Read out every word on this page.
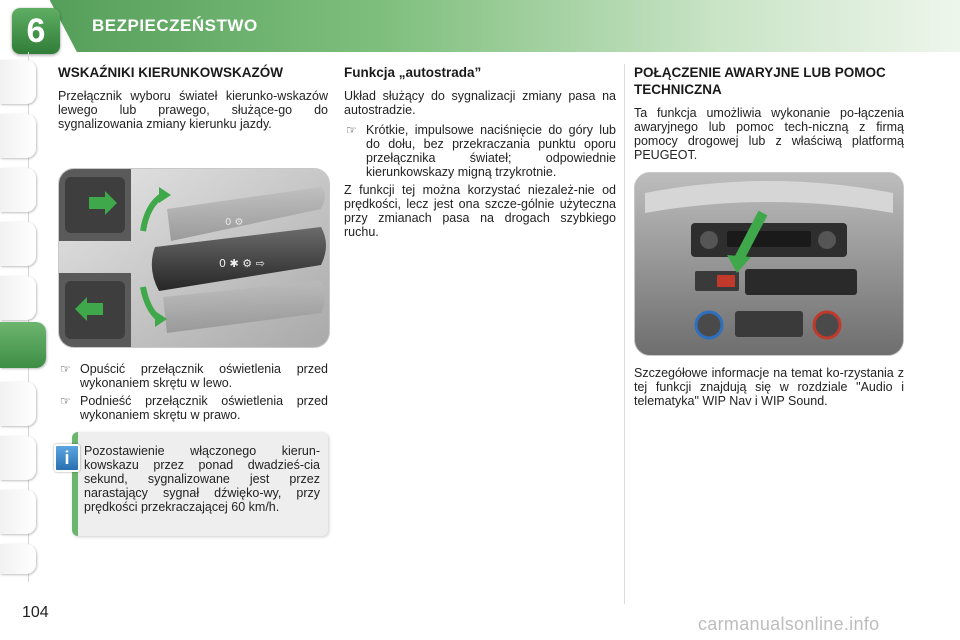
6	BEZPIECZEŃSTWO
WSKAŹNIKI KIERUNKOWSKAZÓW
Przełącznik wyboru świateł kierunko-wskazów lewego lub prawego, służące-go do sygnalizowania zmiany kierunku jazdy.
0 ✱ ⚙ ⇨
0 ⚙
☞ Opuścić przełącznik oświetlenia przed wykonaniem skrętu w lewo.
☞ Podnieść przełącznik oświetlenia przed wykonaniem skrętu w prawo.
Pozostawienie włączonego kierun-kowskazu przez ponad dwadzieś-cia sekund, sygnalizowane jest przez narastający sygnał dźwięko-wy, przy prędkości przekraczającej 60 km/h.
i
Funkcja „autostrada”
Układ służący do sygnalizacji zmiany pasa na autostradzie.
☞ Krótkie, impulsowe naciśnięcie do góry lub do dołu, bez przekraczania punktu oporu przełącznika świateł; odpowiednie kierunkowskazy migną trzykrotnie.
Z funkcji tej można korzystać niezależ-nie od prędkości, lecz jest ona szcze-gólnie użyteczna przy zmianach pasa na drogach szybkiego ruchu.
POŁĄCZENIE AWARYJNE LUB POMOC TECHNICZNA
Ta funkcja umożliwia wykonanie po-łączenia awaryjnego lub pomoc tech-niczną z firmą pomocy drogowej lub z właściwą platformą PEUGEOT.
Szczegółowe informacje na temat ko-rzystania z tej funkcji znajdują się w rozdziale "Audio i telematyka" WIP Nav i WIP Sound.
104
carmanualsonline.info
